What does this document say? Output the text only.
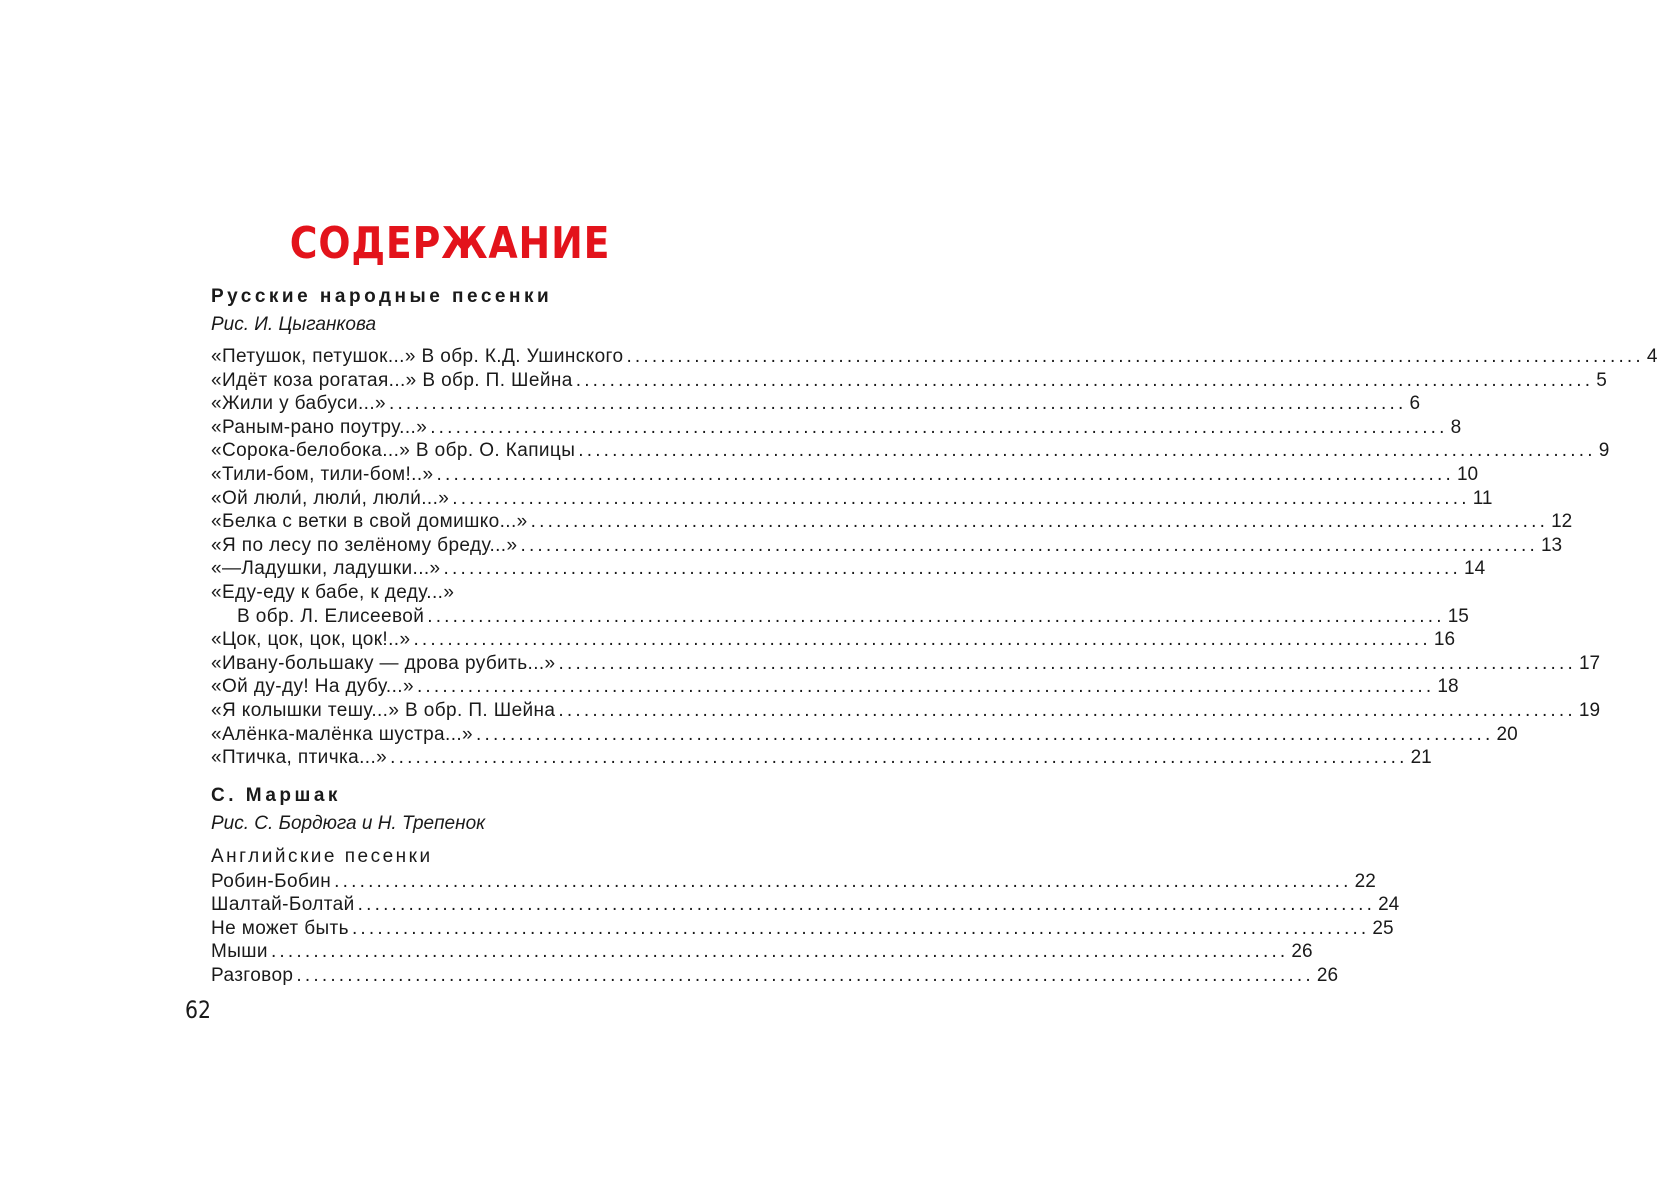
СОДЕРЖАНИЕ
Русские народные песенки
Рис. И. Цыганкова
«Петушок, петушок...» В обр. К.Д. Ушинского ........................................................................................................................ 4
«Идёт коза рогатая...» В обр. П. Шейна ........................................................................................................................ 5
«Жили у бабуси...» ........................................................................................................................ 6
«Раным-рано поутру...» ........................................................................................................................ 8
«Сорока-белобока...» В обр. О. Капицы ........................................................................................................................ 9
«Тили-бом, тили-бом!..» ........................................................................................................................ 10
«Ой люли́, люли́, люли́...» ........................................................................................................................ 11
«Белка с ветки в свой домишко...» ........................................................................................................................ 12
«Я по лесу по зелёному бреду...» ........................................................................................................................ 13
«—Ладушки, ладушки...» ........................................................................................................................ 14
«Еду-еду к бабе, к деду...»
В обр. Л. Елисеевой ........................................................................................................................ 15
«Цок, цок, цок, цок!..» ........................................................................................................................ 16
«Ивану-большаку — дрова рубить...» ........................................................................................................................ 17
«Ой ду-ду! На дубу...» ........................................................................................................................ 18
«Я колышки тешу...» В обр. П. Шейна ........................................................................................................................ 19
«Алёнка-малёнка шустра...» ........................................................................................................................ 20
«Птичка, птичка...» ........................................................................................................................ 21
С. Маршак
Рис. С. Бордюга и Н. Трепенок
Английские песенки
Робин-Бобин ........................................................................................................................ 22
Шалтай-Болтай ........................................................................................................................ 24
Не может быть ........................................................................................................................ 25
Мыши ........................................................................................................................ 26
Разговор ........................................................................................................................ 26
62
